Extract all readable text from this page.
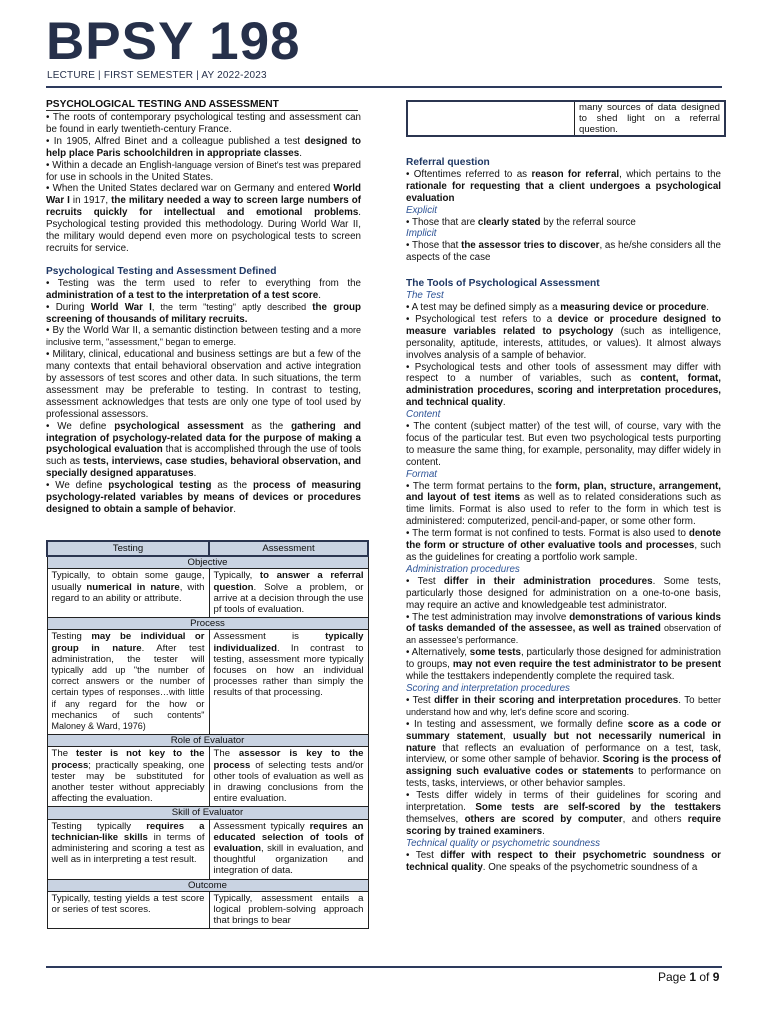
BPSY 198
LECTURE | FIRST SEMESTER | AY 2022-2023
PSYCHOLOGICAL TESTING AND ASSESSMENT

• The roots of contemporary psychological testing and assessment can be found in early twentieth-century France.

• In 1905, Alfred Binet and a colleague published a test designed to help place Paris schoolchildren in appropriate classes.

• Within a decade an English-language version of Binet's test was prepared for use in schools in the United States.

• When the United States declared war on Germany and entered World War I in 1917, the military needed a way to screen large numbers of recruits quickly for intellectual and emotional problems. Psychological testing provided this methodology. During World War II, the military would depend even more on psychological tests to screen recruits for service.

Psychological Testing and Assessment Defined

• Testing was the term used to refer to everything from the administration of a test to the interpretation of a test score.

• During World War I, the term "testing" aptly described the group screening of thousands of military recruits.

• By the World War II, a semantic distinction between testing and a more inclusive term, "assessment," began to emerge.

• Military, clinical, educational and business settings are but a few of the many contexts that entail behavioral observation and active integration by assessors of test scores and other data. In such situations, the term assessment may be preferable to testing. In contrast to testing, assessment acknowledges that tests are only one type of tool used by professional assessors.

• We define psychological assessment as the gathering and integration of psychology-related data for the purpose of making a psychological evaluation that is accomplished through the use of tools such as tests, interviews, case studies, behavioral observation, and specially designed apparatuses.

• We define psychological testing as the process of measuring psychology-related variables by means of devices or procedures designed to obtain a sample of behavior.

Testing	Assessment
Objective	
Typically, to obtain some gauge, usually numerical in nature, with regard to an ability or attribute.	Typically, to answer a referral question. Solve a problem, or arrive at a decision through the use pf tools of evaluation.
Process	
Testing may be individual or group in nature. After test administration, the tester will typically add up "the number of correct answers or the number of certain types of responses…with little if any regard for the how or mechanics of such contents" Maloney & Ward, 1976)	Assessment is typically individualized. In contrast to testing, assessment more typically focuses on how an individual processes rather than simply the results of that processing.
Role of Evaluator	
The tester is not key to the process; practically speaking, one tester may be substituted for another tester without appreciably affecting the evaluation.	The assessor is key to the process of selecting tests and/or other tools of evaluation as well as in drawing conclusions from the entire evaluation.
Skill of Evaluator	
Testing typically requires a technician-like skills in terms of administering and scoring a test as well as in interpreting a test result.	Assessment typically requires an educated selection of tools of evaluation, skill in evaluation, and thoughtful organization and integration of data.
Outcome	
Typically, testing yields a test score or series of test scores.	Typically, assessment entails a logical problem-solving approach that brings to bear
many sources of data designed to shed light on a referral question.
Referral question

• Oftentimes referred to as reason for referral, which pertains to the rationale for requesting that a client undergoes a psychological evaluation

Explicit

• Those that are clearly stated by the referral source

Implicit

• Those that the assessor tries to discover, as he/she considers all the aspects of the case

The Tools of Psychological Assessment
The Test

• A test may be defined simply as a measuring device or procedure.

• Psychological test refers to a device or procedure designed to measure variables related to psychology (such as intelligence, personality, aptitude, interests, attitudes, or values). It almost always involves analysis of a sample of behavior.

• Psychological tests and other tools of assessment may differ with respect to a number of variables, such as content, format, administration procedures, scoring and interpretation procedures, and technical quality.

Content

• The content (subject matter) of the test will, of course, vary with the focus of the particular test. But even two psychological tests purporting to measure the same thing, for example, personality, may differ widely in content.

Format

• The term format pertains to the form, plan, structure, arrangement, and layout of test items as well as to related considerations such as time limits. Format is also used to refer to the form in which test is administered: computerized, pencil-and-paper, or some other form.

• The term format is not confined to tests. Format is also used to denote the form or structure of other evaluative tools and processes, such as the guidelines for creating a portfolio work sample.

Administration procedures

• Test differ in their administration procedures. Some tests, particularly those designed for administration on a one-to-one basis, may require an active and knowledgeable test administrator.

• The test administration may involve demonstrations of various kinds of tasks demanded of the assessee, as well as trained observation of an assessee's performance.

• Alternatively, some tests, particularly those designed for administration to groups, may not even require the test administrator to be present while the testtakers independently complete the required task.

Scoring and interpretation procedures

• Test differ in their scoring and interpretation procedures. To better understand how and why, let's define score and scoring.

• In testing and assessment, we formally define score as a code or summary statement, usually but not necessarily numerical in nature that reflects an evaluation of performance on a test, task, interview, or some other sample of behavior. Scoring is the process of assigning such evaluative codes or statements to performance on tests, tasks, interviews, or other behavior samples.

• Tests differ widely in terms of their guidelines for scoring and interpretation. Some tests are self-scored by the testtakers themselves, others are scored by computer, and others require scoring by trained examiners.

Technical quality or psychometric soundness

• Test differ with respect to their psychometric soundness or technical quality. One speaks of the psychometric soundness of a

Page 1 of 9
